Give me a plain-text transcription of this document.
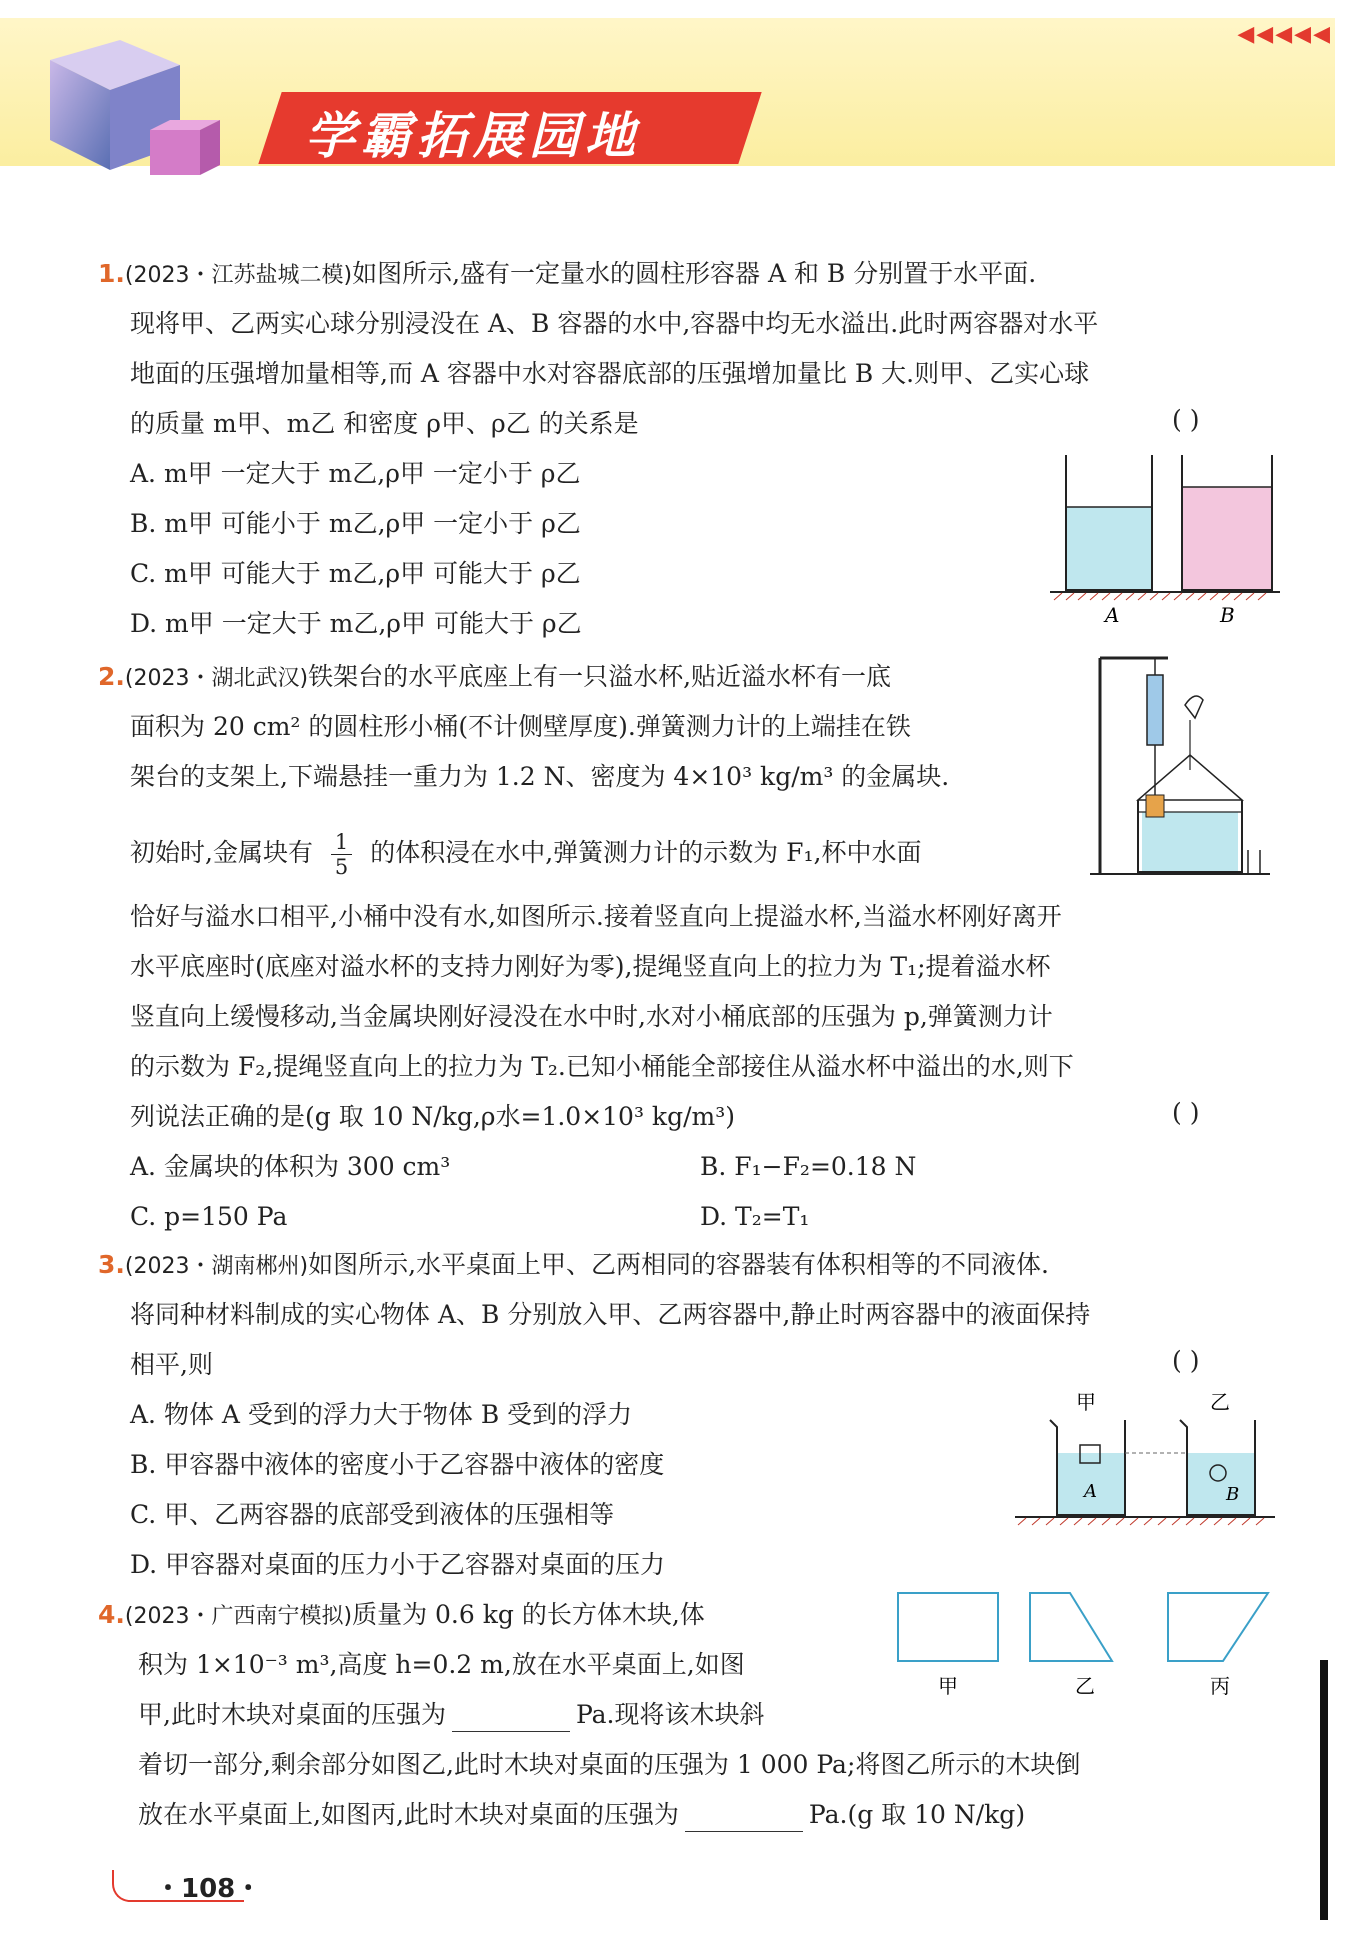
◀◀◀◀◀
学霸拓展园地
1.(2023・江苏盐城二模)如图所示,盛有一定量水的圆柱形容器 A 和 B 分别置于水平面.
现将甲、乙两实心球分别浸没在 A、B 容器的水中,容器中均无水溢出.此时两容器对水平
地面的压强增加量相等,而 A 容器中水对容器底部的压强增加量比 B 大.则甲、乙实心球
的质量 m甲、m乙 和密度 ρ甲、ρ乙 的关系是	( )
A. m甲 一定大于 m乙,ρ甲 一定小于 ρ乙
B. m甲 可能小于 m乙,ρ甲 一定小于 ρ乙
C. m甲 可能大于 m乙,ρ甲 可能大于 ρ乙
D. m甲 一定大于 m乙,ρ甲 可能大于 ρ乙	A	B
2.(2023・湖北武汉)铁架台的水平底座上有一只溢水杯,贴近溢水杯有一底
面积为 20 cm² 的圆柱形小桶(不计侧壁厚度).弹簧测力计的上端挂在铁
架台的支架上,下端悬挂一重力为 1.2 N、密度为 4×10³ kg/m³ 的金属块.
初始时,金属块有 $\frac{1}{5}$ 的体积浸在水中,弹簧测力计的示数为 F₁,杯中水面
恰好与溢水口相平,小桶中没有水,如图所示.接着竖直向上提溢水杯,当溢水杯刚好离开
水平底座时(底座对溢水杯的支持力刚好为零),提绳竖直向上的拉力为 T₁;提着溢水杯
竖直向上缓慢移动,当金属块刚好浸没在水中时,水对小桶底部的压强为 p,弹簧测力计
的示数为 F₂,提绳竖直向上的拉力为 T₂.已知小桶能全部接住从溢水杯中溢出的水,则下
列说法正确的是(g 取 10 N/kg,ρ水=1.0×10³ kg/m³)	( )
A. 金属块的体积为 300 cm³	B. F₁−F₂=0.18 N
C. p=150 Pa	D. T₂=T₁
3.(2023・湖南郴州)如图所示,水平桌面上甲、乙两相同的容器装有体积相等的不同液体.
将同种材料制成的实心物体 A、B 分别放入甲、乙两容器中,静止时两容器中的液面保持
相平,则	( )
A. 物体 A 受到的浮力大于物体 B 受到的浮力
B. 甲容器中液体的密度小于乙容器中液体的密度
C. 甲、乙两容器的底部受到液体的压强相等
D. 甲容器对桌面的压力小于乙容器对桌面的压力
甲	乙
A	B
4.(2023・广西南宁模拟)质量为 0.6 kg 的长方体木块,体
积为 1×10⁻³ m³,高度 h=0.2 m,放在水平桌面上,如图
甲,此时木块对桌面的压强为	Pa.现将该木块斜
着切一部分,剩余部分如图乙,此时木块对桌面的压强为 1 000 Pa;将图乙所示的木块倒
放在水平桌面上,如图丙,此时木块对桌面的压强为	Pa.(g 取 10 N/kg)
甲	乙	丙
・108・
